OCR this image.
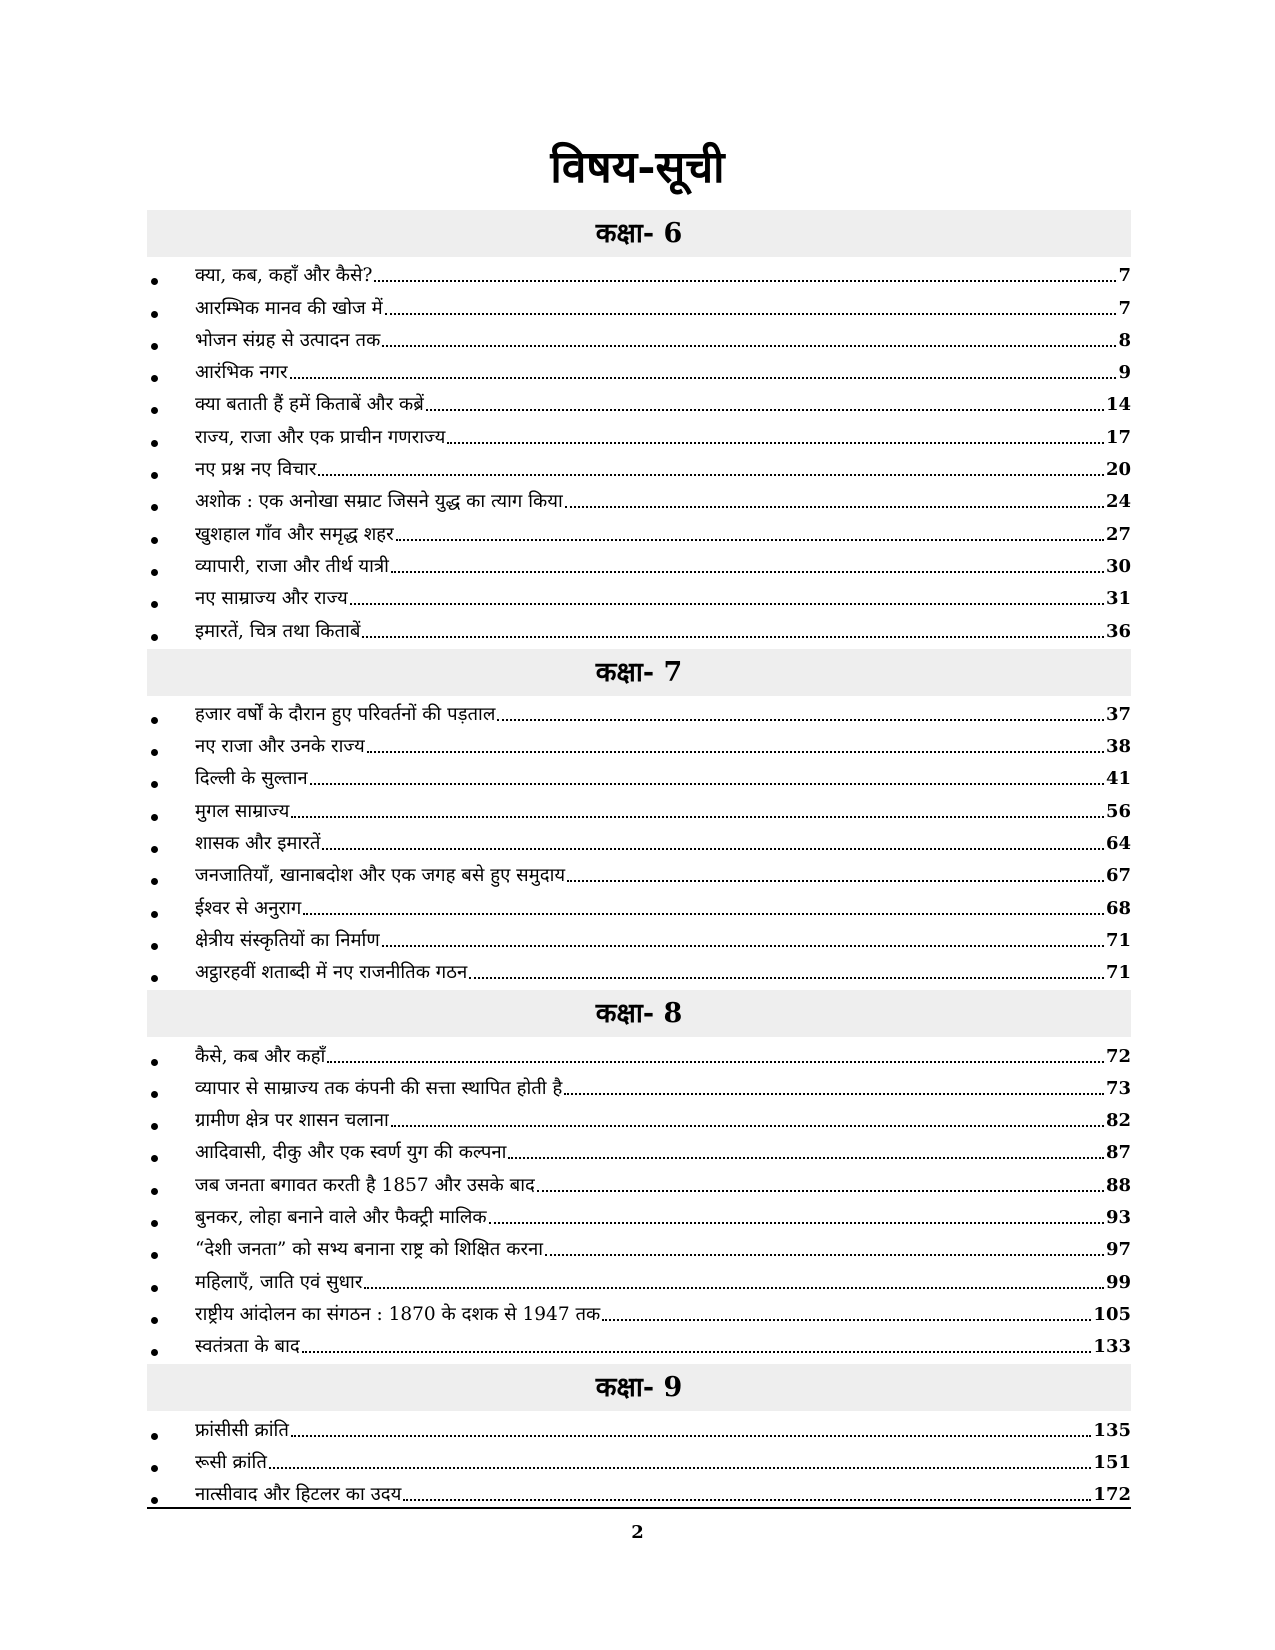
विषय-सूची
कक्षा- 6
क्या, कब, कहाँ और कैसे?	7
आरम्भिक मानव की खोज में	7
भोजन संग्रह से उत्पादन तक	8
आरंभिक नगर	9
क्या बताती हैं हमें किताबें और कब्रें	14
राज्य, राजा और एक प्राचीन गणराज्य	17
नए प्रश्न नए विचार	20
अशोक : एक अनोखा सम्राट जिसने युद्ध का त्याग किया	24
खुशहाल गाँव और समृद्ध शहर	27
व्यापारी, राजा और तीर्थ यात्री	30
नए साम्राज्य और राज्य	31
इमारतें, चित्र तथा किताबें	36
कक्षा- 7
हजार वर्षों के दौरान हुए परिवर्तनों की पड़ताल	37
नए राजा और उनके राज्य	38
दिल्ली के सुल्तान	41
मुगल साम्राज्य	56
शासक और इमारतें	64
जनजातियाँ, खानाबदोश और एक जगह बसे हुए समुदाय	67
ईश्वर से अनुराग	68
क्षेत्रीय संस्कृतियों का निर्माण	71
अट्ठारहवीं शताब्दी में नए राजनीतिक गठन	71
कक्षा- 8
कैसे, कब और कहाँ	72
व्यापार से साम्राज्य तक कंपनी की सत्ता स्थापित होती है	73
ग्रामीण क्षेत्र पर शासन चलाना	82
आदिवासी, दीकु और एक स्वर्ण युग की कल्पना	87
जब जनता बगावत करती है 1857 और उसके बाद	88
बुनकर, लोहा बनाने वाले और फैक्ट्री मालिक	93
“देशी जनता” को सभ्य बनाना राष्ट्र को शिक्षित करना	97
महिलाएँ, जाति एवं सुधार	99
राष्ट्रीय आंदोलन का संगठन : 1870 के दशक से 1947 तक	105
स्वतंत्रता के बाद	133
कक्षा- 9
फ्रांसीसी क्रांति	135
रूसी क्रांति	151
नात्सीवाद और हिटलर का उदय	172
2
